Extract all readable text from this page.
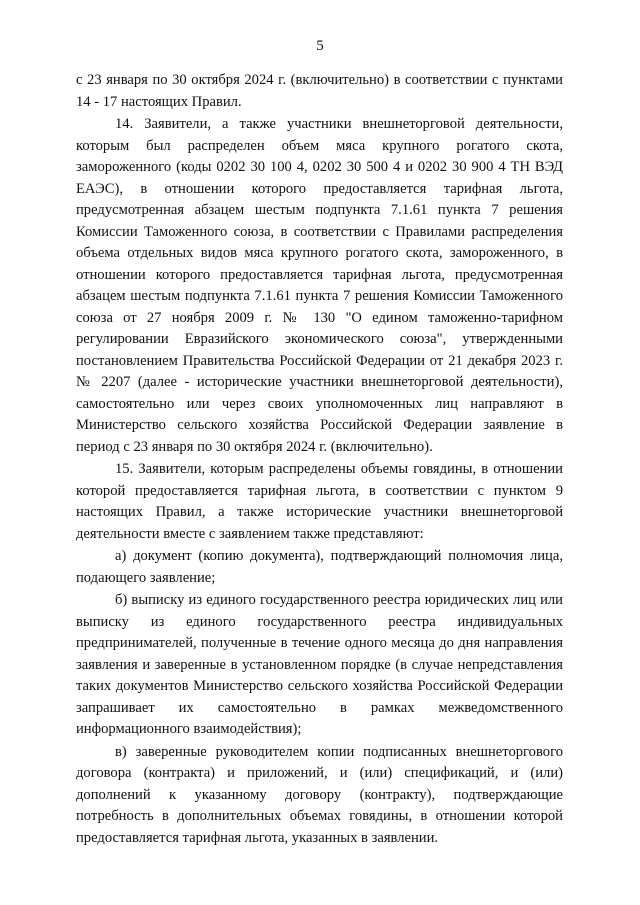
5

с 23 января по 30 октября 2024 г. (включительно) в соответствии с пунктами 14 - 17 настоящих Правил.

14. Заявители, а также участники внешнеторговой деятельности, которым был распределен объем мяса крупного рогатого скота, замороженного (коды 0202 30 100 4, 0202 30 500 4 и 0202 30 900 4 ТН ВЭД ЕАЭС), в отношении которого предоставляется тарифная льгота, предусмотренная абзацем шестым подпункта 7.1.61 пункта 7 решения Комиссии Таможенного союза, в соответствии с Правилами распределения объема отдельных видов мяса крупного рогатого скота, замороженного, в отношении которого предоставляется тарифная льгота, предусмотренная абзацем шестым подпункта 7.1.61 пункта 7 решения Комиссии Таможенного союза от 27 ноября 2009 г. № 130 "О едином таможенно-тарифном регулировании Евразийского экономического союза", утвержденными постановлением Правительства Российской Федерации от 21 декабря 2023 г. № 2207 (далее - исторические участники внешнеторговой деятельности), самостоятельно или через своих уполномоченных лиц направляют в Министерство сельского хозяйства Российской Федерации заявление в период с 23 января по 30 октября 2024 г. (включительно).

15. Заявители, которым распределены объемы говядины, в отношении которой предоставляется тарифная льгота, в соответствии с пунктом 9 настоящих Правил, а также исторические участники внешнеторговой деятельности вместе с заявлением также представляют:

а) документ (копию документа), подтверждающий полномочия лица, подающего заявление;

б) выписку из единого государственного реестра юридических лиц или выписку из единого государственного реестра индивидуальных предпринимателей, полученные в течение одного месяца до дня направления заявления и заверенные в установленном порядке (в случае непредставления таких документов Министерство сельского хозяйства Российской Федерации запрашивает их самостоятельно в рамках межведомственного информационного взаимодействия);

в) заверенные руководителем копии подписанных внешнеторгового договора (контракта) и приложений, и (или) спецификаций, и (или) дополнений к указанному договору (контракту), подтверждающие потребность в дополнительных объемах говядины, в отношении которой предоставляется тарифная льгота, указанных в заявлении.
